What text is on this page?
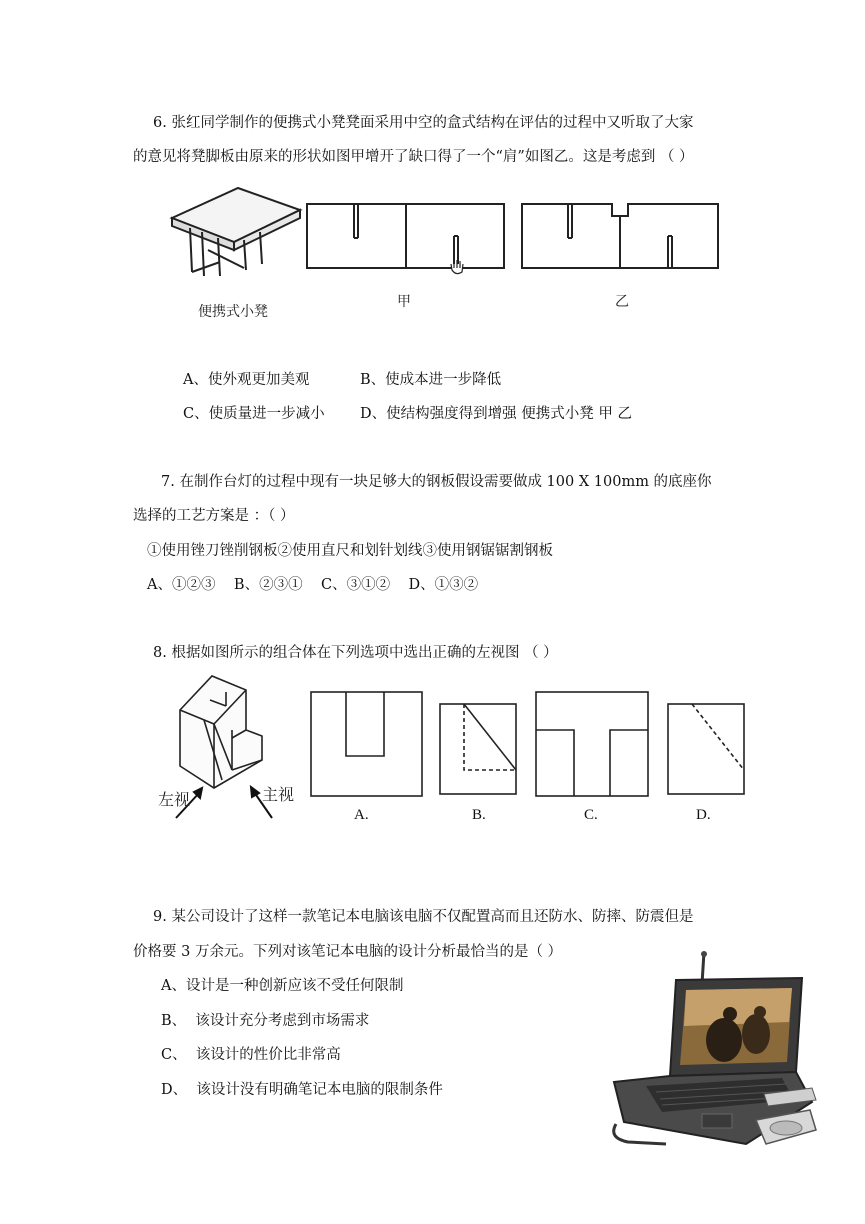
6. 张红同学制作的便携式小凳凳面采用中空的盒式结构在评估的过程中又听取了大家
的意见将凳脚板由原来的形状如图甲增开了缺口得了一个“肩”如图乙。这是考虑到 （ ）
便携式小凳
甲	乙
A、使外观更加美观	B、使成本进一步降低
C、使质量进一步减小 D、使结构强度得到增强 便携式小凳 甲 乙
7. 在制作台灯的过程中现有一块足够大的钢板假设需要做成 100 X 100mm 的底座你
选择的工艺方案是 ：（ ）
①使用锉刀锉削钢板②使用直尺和划针划线③使用钢锯锯割钢板
A、①②③    B、②③①    C、③①②    D、①③②
8. 根据如图所示的组合体在下列选项中选出正确的左视图 （ ）
左视	主视
A.	B.	C.	D.
9. 某公司设计了这样一款笔记本电脑该电脑不仅配置高而且还防水、防摔、防震但是
价格要 3 万余元。下列对该笔记本电脑的设计分析最恰当的是（ ）
A、设计是一种创新应该不受任何限制
B、  该设计充分考虑到市场需求
C、  该设计的性价比非常高
D、  该设计没有明确笔记本电脑的限制条件
